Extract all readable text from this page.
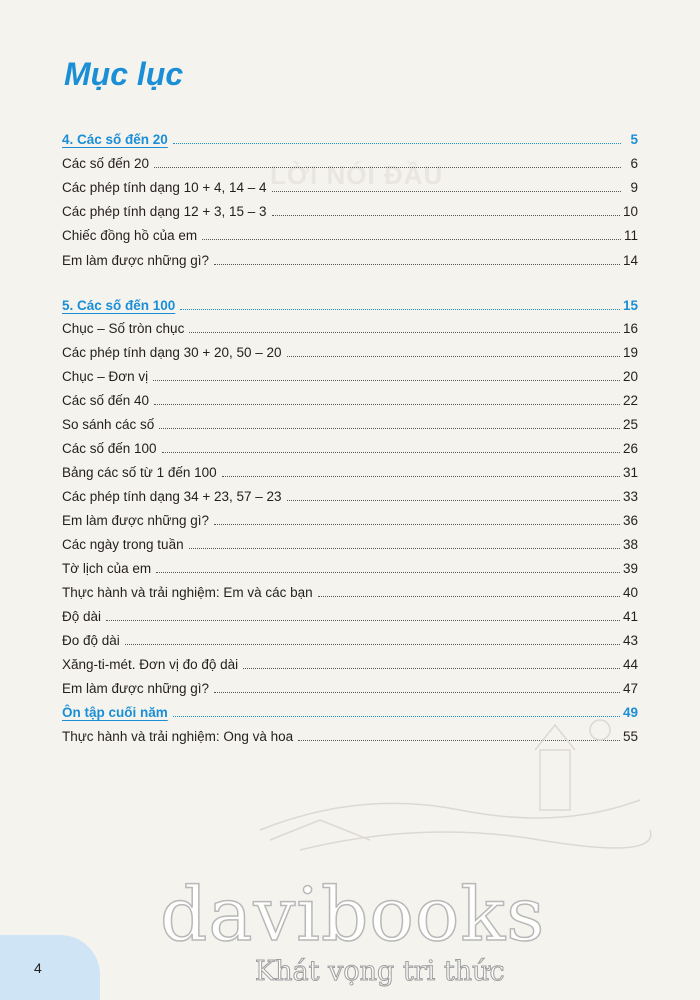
LỜI NÓI ĐẦU
Mục lục
4. Các số đến 20	5
Các số đến 20	6
Các phép tính dạng 10 + 4, 14 – 4	9
Các phép tính dạng 12 + 3, 15 – 3	10
Chiếc đồng hồ của em	11
Em làm được những gì?	14
5. Các số đến 100	15
Chục – Số tròn chục	16
Các phép tính dạng 30 + 20, 50 – 20	19
Chục – Đơn vị	20
Các số đến 40	22
So sánh các số	25
Các số đến 100	26
Bảng các số từ 1 đến 100	31
Các phép tính dạng 34 + 23, 57 – 23	33
Em làm được những gì?	36
Các ngày trong tuần	38
Tờ lịch của em	39
Thực hành và trải nghiệm: Em và các bạn	40
Độ dài	41
Đo độ dài	43
Xăng-ti-mét. Đơn vị đo độ dài	44
Em làm được những gì?	47
Ôn tập cuối năm	49
Thực hành và trải nghiệm: Ong và hoa	55
davibooks
Khát vọng tri thức
4
